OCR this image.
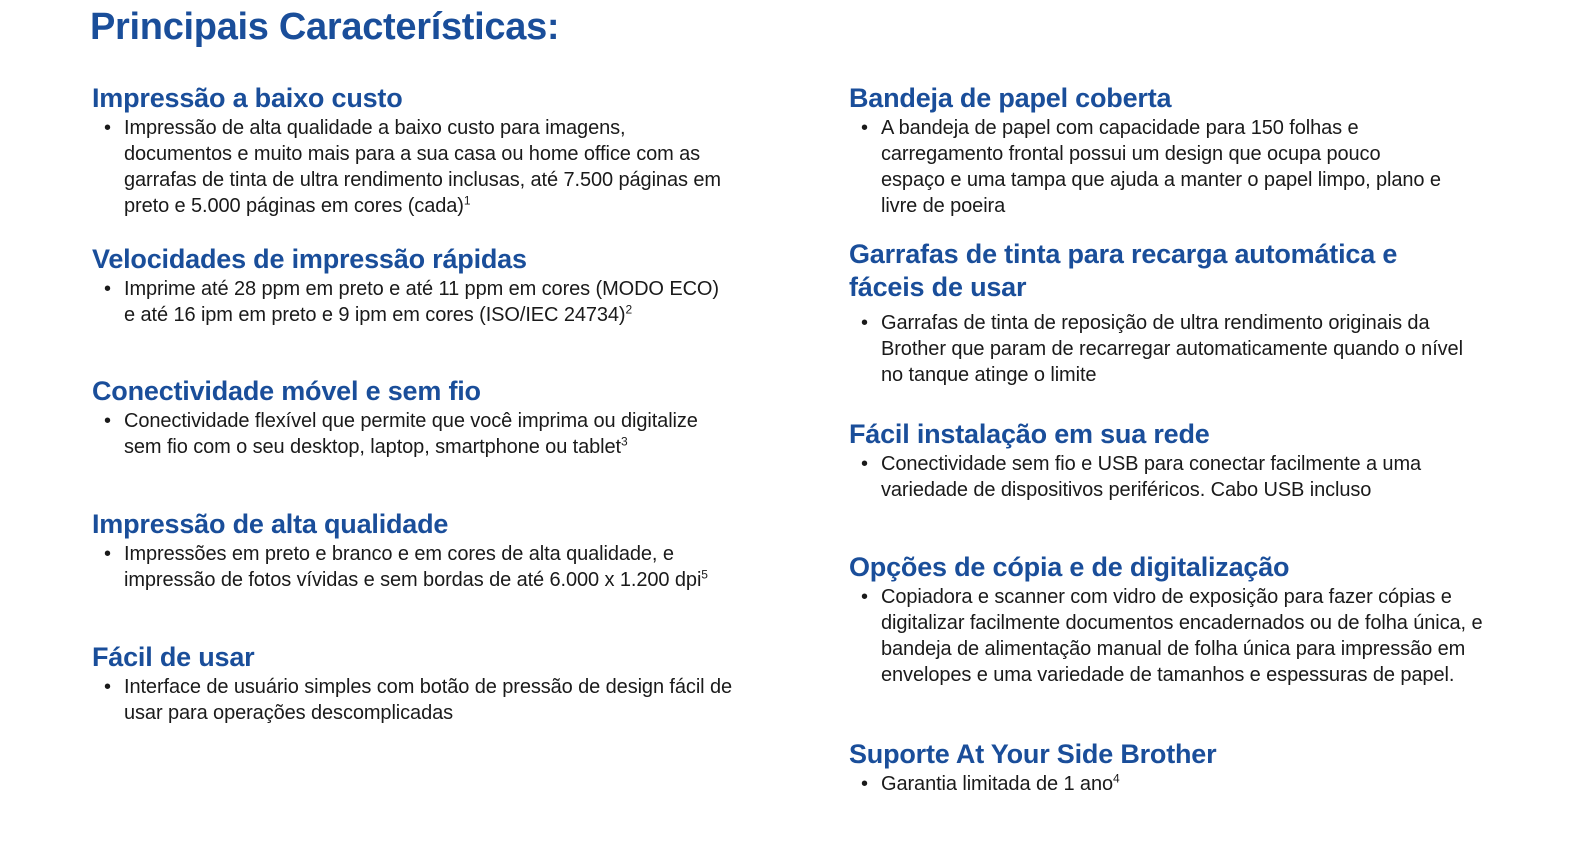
Principais Características:
Impressão a baixo custo

• Impressão de alta qualidade a baixo custo para imagens, documentos e muito mais para a sua casa ou home office com as garrafas de tinta de ultra rendimento inclusas, até 7.500 páginas em preto e 5.000 páginas em cores (cada)$^1$

Velocidades de impressão rápidas

• Imprime até 28 ppm em preto e até 11 ppm em cores (MODO ECO) e até 16 ipm em preto e 9 ipm em cores (ISO/IEC 24734)$^2$

Conectividade móvel e sem fio

• Conectividade flexível que permite que você imprima ou digitalize sem fio com o seu desktop, laptop, smartphone ou tablet$^3$

Impressão de alta qualidade

• Impressões em preto e branco e em cores de alta qualidade, e impressão de fotos vívidas e sem bordas de até 6.000 x 1.200 dpi$^5$

Fácil de usar

• Interface de usuário simples com botão de pressão de design fácil de usar para operações descomplicadas

Bandeja de papel coberta

• A bandeja de papel com capacidade para 150 folhas e carregamento frontal possui um design que ocupa pouco espaço e uma tampa que ajuda a manter o papel limpo, plano e livre de poeira

Garrafas de tinta para recarga automática e fáceis de usar

• Garrafas de tinta de reposição de ultra rendimento originais da Brother que param de recarregar automaticamente quando o nível no tanque atinge o limite

Fácil instalação em sua rede

• Conectividade sem fio e USB para conectar facilmente a uma variedade de dispositivos periféricos. Cabo USB incluso

Opções de cópia e de digitalização

• Copiadora e scanner com vidro de exposição para fazer cópias e digitalizar facilmente documentos encadernados ou de folha única, e bandeja de alimentação manual de folha única para impressão em envelopes e uma variedade de tamanhos e espessuras de papel.

Suporte At Your Side Brother

• Garantia limitada de 1 ano$^4$
